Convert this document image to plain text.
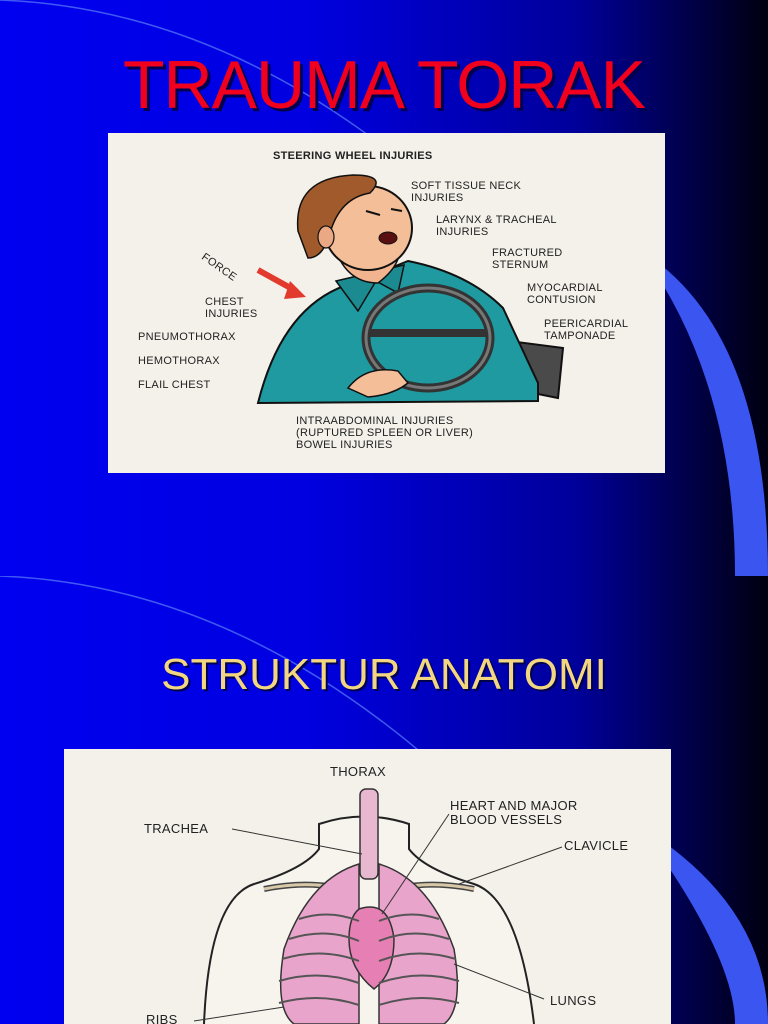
TRAUMA TORAK
STEERING WHEEL INJURIES
SOFT TISSUE NECK
INJURIES
LARYNX & TRACHEAL
INJURIES
FRACTURED
STERNUM
MYOCARDIAL
CONTUSION
PEERICARDIAL
TAMPONADE
FORCE
CHEST
INJURIES
PNEUMOTHORAX
HEMOTHORAX
FLAIL CHEST
INTRAABDOMINAL INJURIES
(RUPTURED SPLEEN OR LIVER)
BOWEL INJURIES
STRUKTUR ANATOMI
THORAX
HEART AND MAJOR
BLOOD VESSELS
TRACHEA
CLAVICLE
LUNGS
RIBS
